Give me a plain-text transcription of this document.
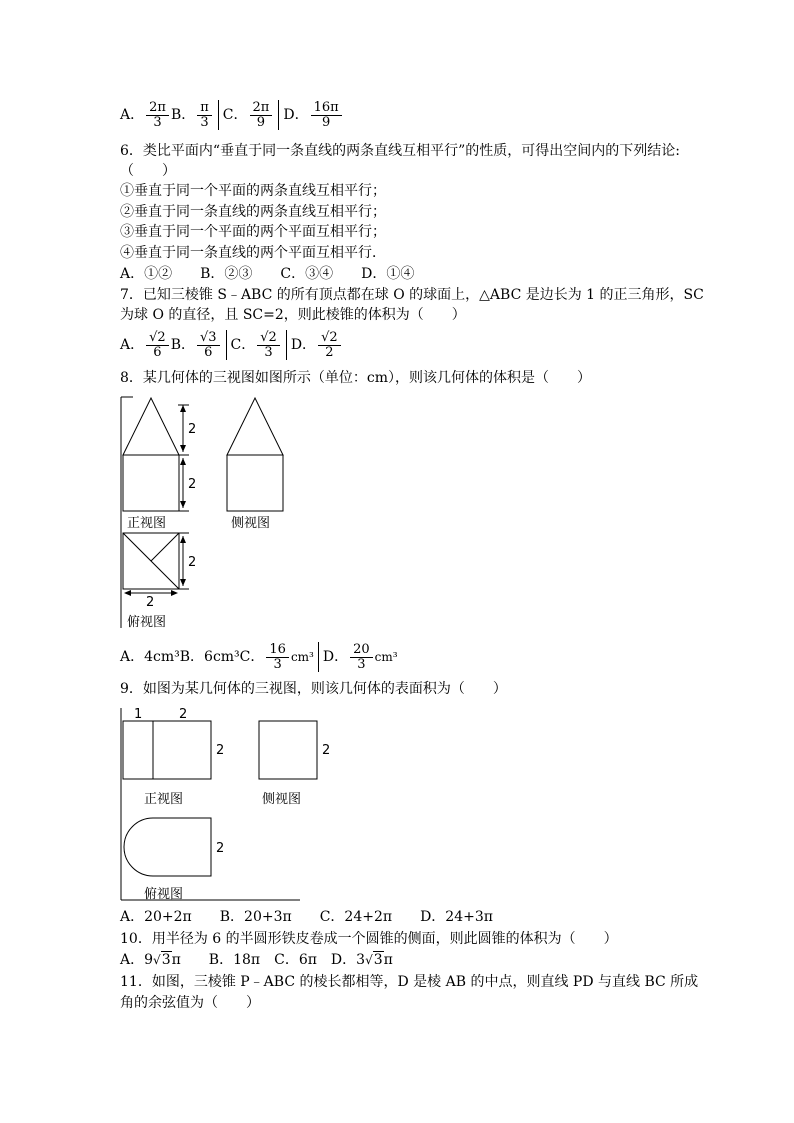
A． $\frac{2\pi}{3}$ B． $\frac{\pi}{3}$ C． $\frac{2\pi}{9}$ D． $\frac{16\pi}{9}$
6．类比平面内“垂直于同一条直线的两条直线互相平行”的性质，可得出空间内的下列结论:
（　　）
①垂直于同一个平面的两条直线互相平行；
②垂直于同一条直线的两条直线互相平行；
③垂直于同一个平面的两个平面互相平行；
④垂直于同一条直线的两个平面互相平行．
A．①②　　B．②③　　C．③④　　D．①④
7．已知三棱锥 S﹣ABC 的所有顶点都在球 O 的球面上，△ABC 是边长为 1 的正三角形，SC
为球 O 的直径，且 SC=2，则此棱锥的体积为（　　）
A． $\frac{√2}{6}$ B． $\frac{√3}{6}$ C． $\frac{√2}{3}$ D． $\frac{√2}{2}$
8．某几何体的三视图如图所示（单位：cm），则该几何体的体积是（　　）
2
2
正视图	侧视图
2
2
俯视图
1	2
2	2
正视图	侧视图
2
俯视图
A．4cm³B．6cm³C． $\frac{16}{3} cm^3$ D． $\frac{20}{3} cm^3$
9．如图为某几何体的三视图，则该几何体的表面积为（　　）
A．20+2π　　B．20+3π　　C．24+2π　　D．24+3π
10．用半径为 6 的半圆形铁皮卷成一个圆锥的侧面，则此圆锥的体积为（　　）
A．9√3π　　B．18π　C．6π　D．3√3π
11．如图，三棱锥 P﹣ABC 的棱长都相等，D 是棱 AB 的中点，则直线 PD 与直线 BC 所成
角的余弦值为（　　）
